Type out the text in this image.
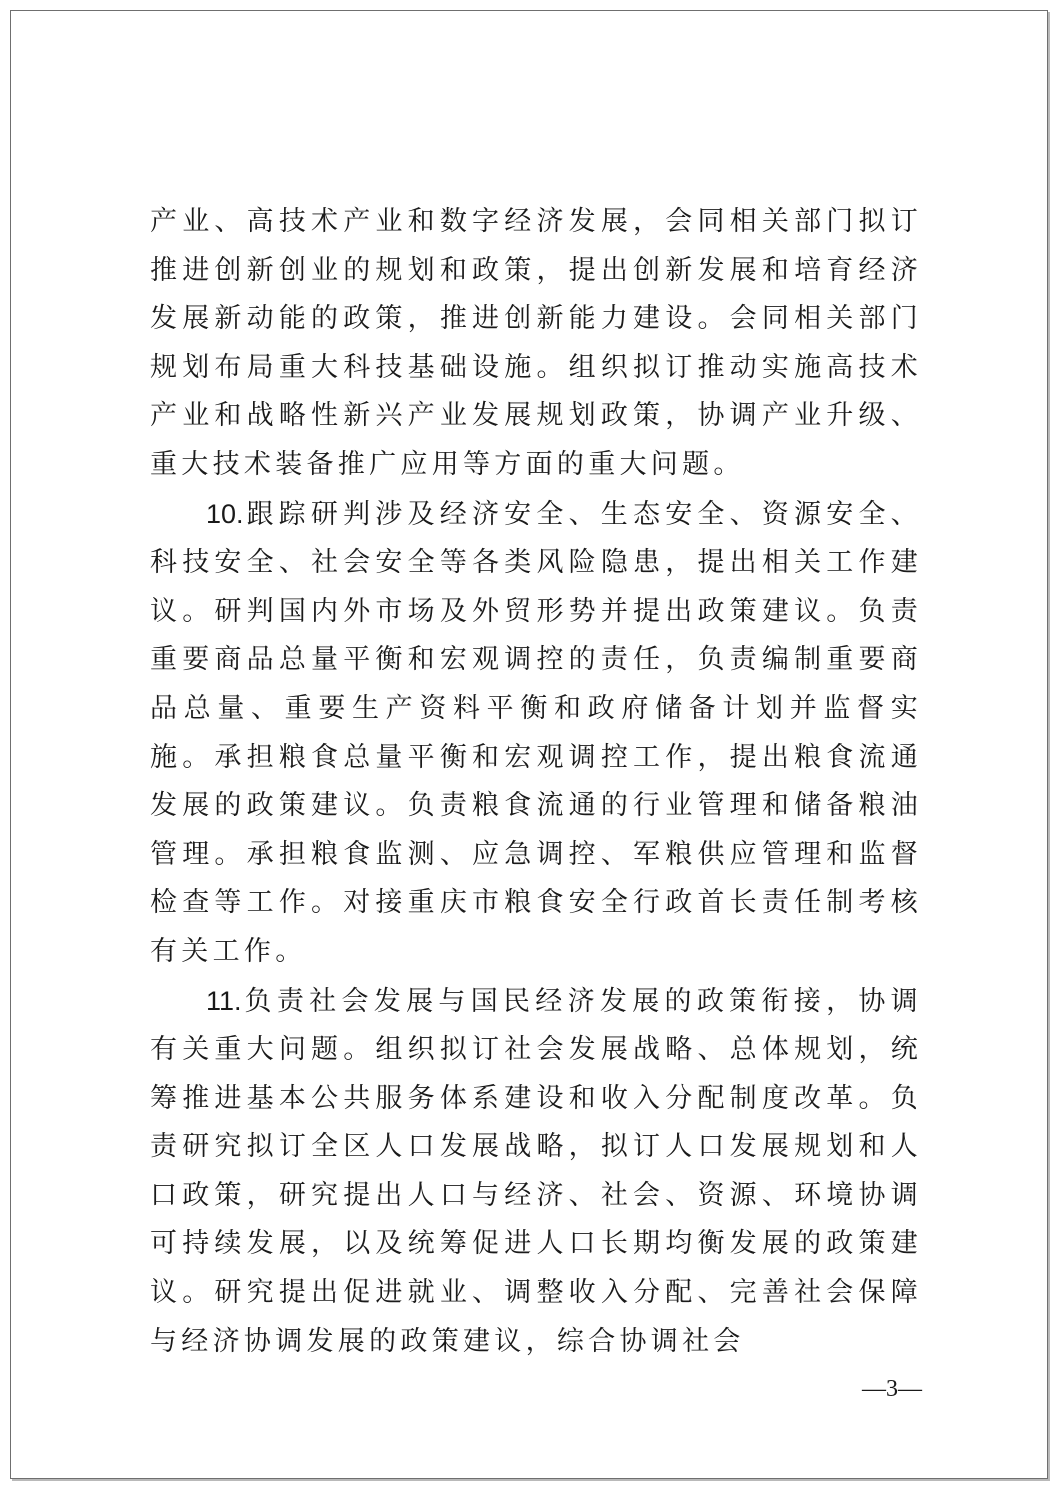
产业、高技术产业和数字经济发展，会同相关部门拟订推进创新创业的规划和政策，提出创新发展和培育经济发展新动能的政策，推进创新能力建设。会同相关部门规划布局重大科技基础设施。组织拟订推动实施高技术产业和战略性新兴产业发展规划政策，协调产业升级、重大技术装备推广应用等方面的重大问题。

10.跟踪研判涉及经济安全、生态安全、资源安全、科技安全、社会安全等各类风险隐患，提出相关工作建议。研判国内外市场及外贸形势并提出政策建议。负责重要商品总量平衡和宏观调控的责任，负责编制重要商品总量、重要生产资料平衡和政府储备计划并监督实施。承担粮食总量平衡和宏观调控工作，提出粮食流通发展的政策建议。负责粮食流通的行业管理和储备粮油管理。承担粮食监测、应急调控、军粮供应管理和监督检查等工作。对接重庆市粮食安全行政首长责任制考核有关工作。

11.负责社会发展与国民经济发展的政策衔接，协调有关重大问题。组织拟订社会发展战略、总体规划，统筹推进基本公共服务体系建设和收入分配制度改革。负责研究拟订全区人口发展战略，拟订人口发展规划和人口政策，研究提出人口与经济、社会、资源、环境协调可持续发展，以及统筹促进人口长期均衡发展的政策建议。研究提出促进就业、调整收入分配、完善社会保障与经济协调发展的政策建议，综合协调社会

—3—
